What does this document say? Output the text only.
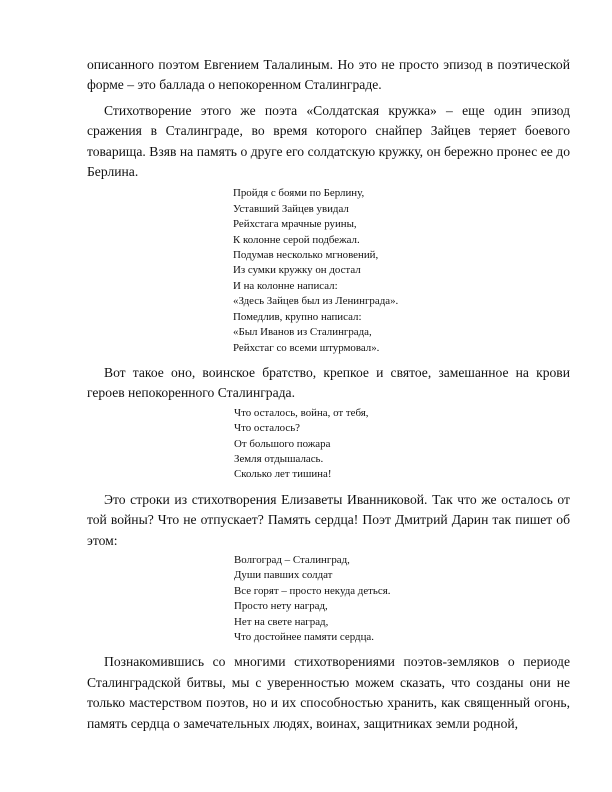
описанного поэтом Евгением Талалиным. Но это не просто эпизод в поэтической форме – это баллада о непокоренном Сталинграде.

Стихотворение этого же поэта «Солдатская кружка» – еще один эпизод сражения в Сталинграде, во время которого снайпер Зайцев теряет боевого товарища. Взяв на память о друге его солдатскую кружку, он бережно пронес ее до Берлина.

Пройдя с боями по Берлину,
Уставший Зайцев увидал
Рейхстага мрачные руины,
К колонне серой подбежал.
Подумав несколько мгновений,
Из сумки кружку он достал
И на колонне написал:
«Здесь Зайцев был из Ленинграда».
Помедлив, крупно написал:
«Был Иванов из Сталинграда,
Рейхстаг со всеми штурмовал».

Вот такое оно, воинское братство, крепкое и святое, замешанное на крови героев непокоренного Сталинграда.

Что осталось, война, от тебя,
Что осталось?
От большого пожара
Земля отдышалась.
Сколько лет тишина!

Это строки из стихотворения Елизаветы Иванниковой. Так что же осталось от той войны? Что не отпускает? Память сердца! Поэт Дмитрий Дарин так пишет об этом:

Волгоград – Сталинград,
Души павших солдат
Все горят – просто некуда деться.
Просто нету наград,
Нет на свете наград,
Что достойнее памяти сердца.

Познакомившись со многими стихотворениями поэтов-земляков о периоде Сталинградской битвы, мы с уверенностью можем сказать, что созданы они не только мастерством поэтов, но и их способностью хранить, как священный огонь, память сердца о замечательных людях, воинах, защитниках земли родной,
